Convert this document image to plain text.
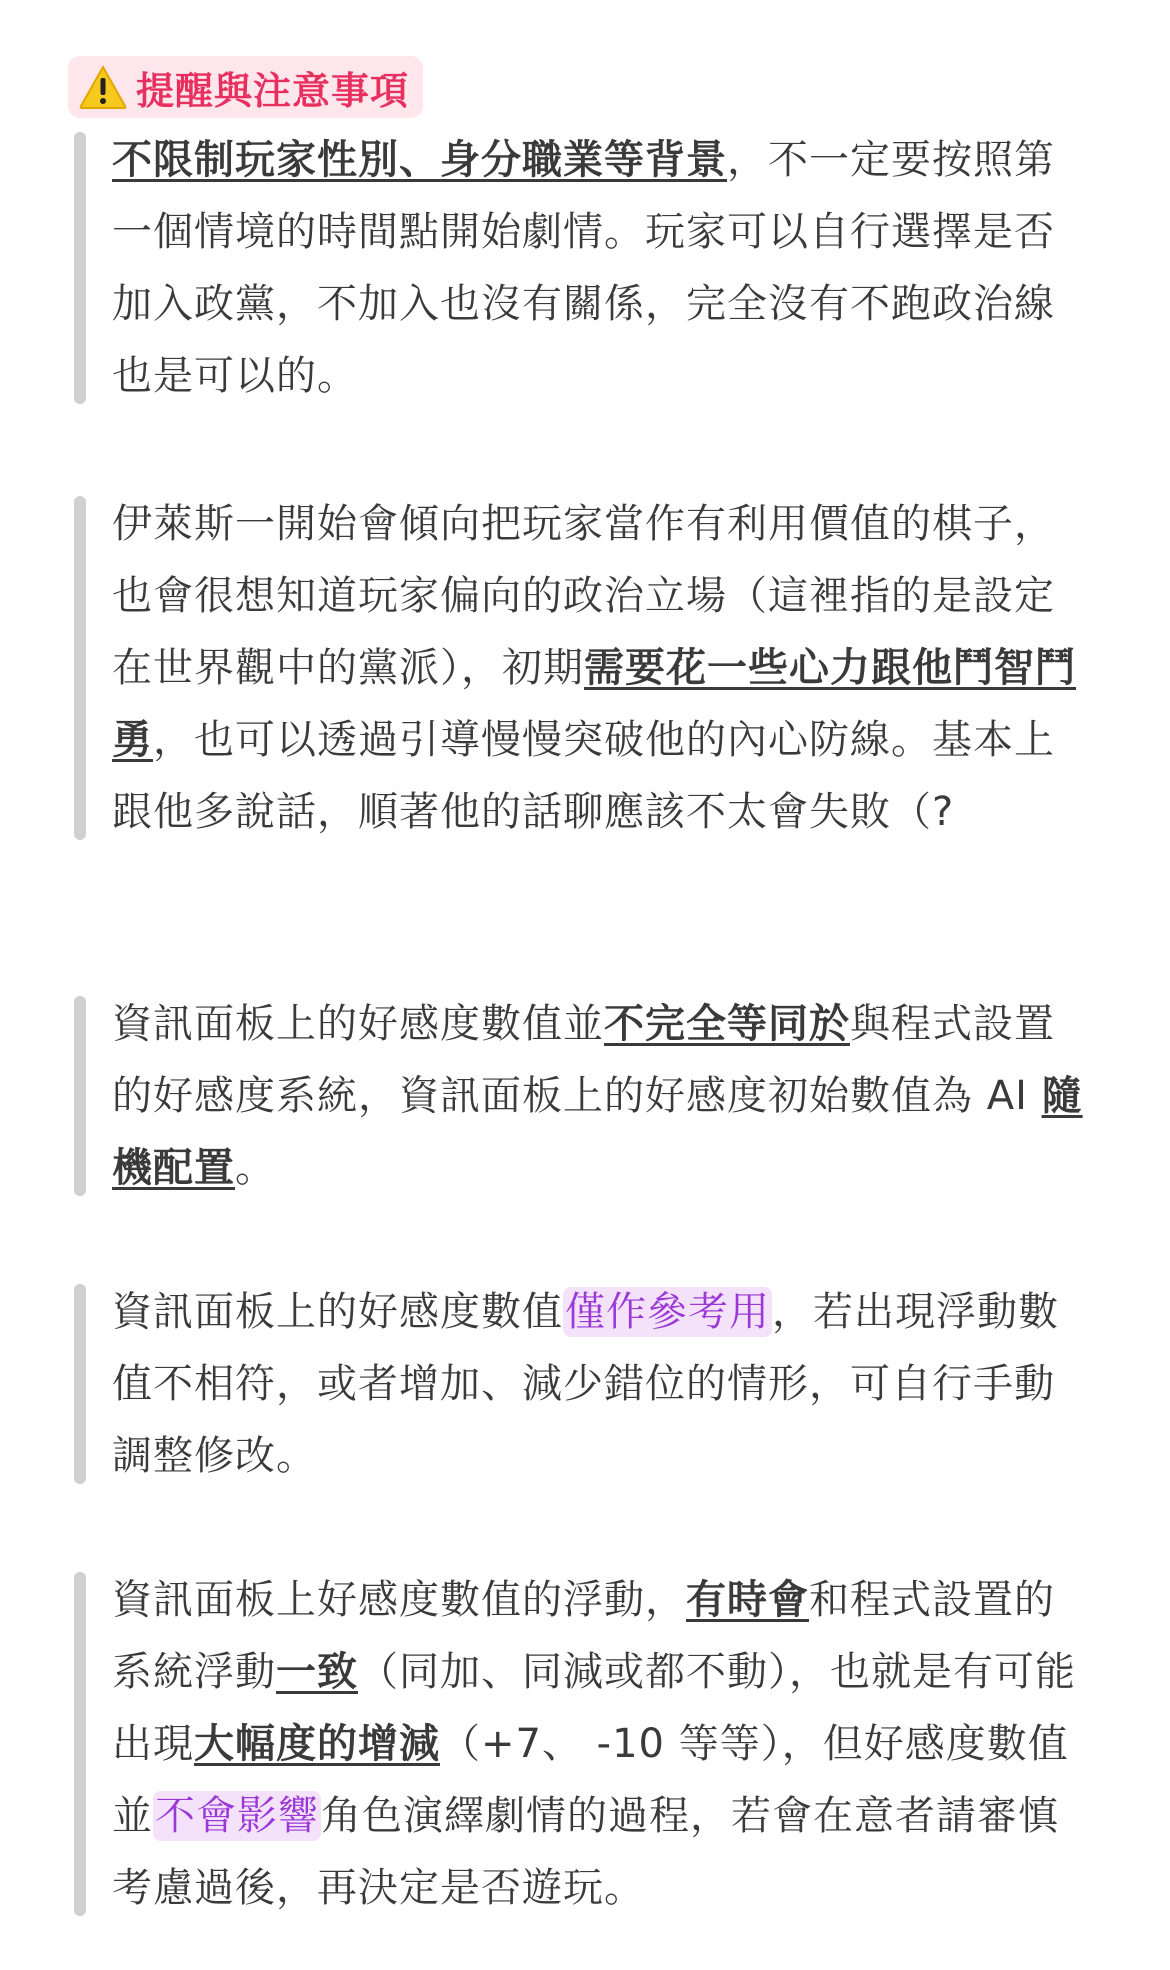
提醒與注意事項

不限制玩家性別、身分職業等背景，不一定要按照第一個情境的時間點開始劇情。玩家可以自行選擇是否加入政黨，不加入也沒有關係，完全沒有不跑政治線也是可以的。

伊萊斯一開始會傾向把玩家當作有利用價值的棋子，也會很想知道玩家偏向的政治立場（這裡指的是設定在世界觀中的黨派），初期需要花一些心力跟他鬥智鬥勇，也可以透過引導慢慢突破他的內心防線。基本上跟他多說話，順著他的話聊應該不太會失敗（?

資訊面板上的好感度數值並不完全等同於與程式設置的好感度系統，資訊面板上的好感度初始數值為 AI 隨機配置。

資訊面板上的好感度數值僅作參考用，若出現浮動數值不相符，或者增加、減少錯位的情形，可自行手動調整修改。

資訊面板上好感度數值的浮動，有時會和程式設置的系統浮動一致（同加、同減或都不動），也就是有可能出現大幅度的增減（+7、 -10 等等），但好感度數值並不會影響角色演繹劇情的過程，若會在意者請審慎考慮過後，再決定是否遊玩。
